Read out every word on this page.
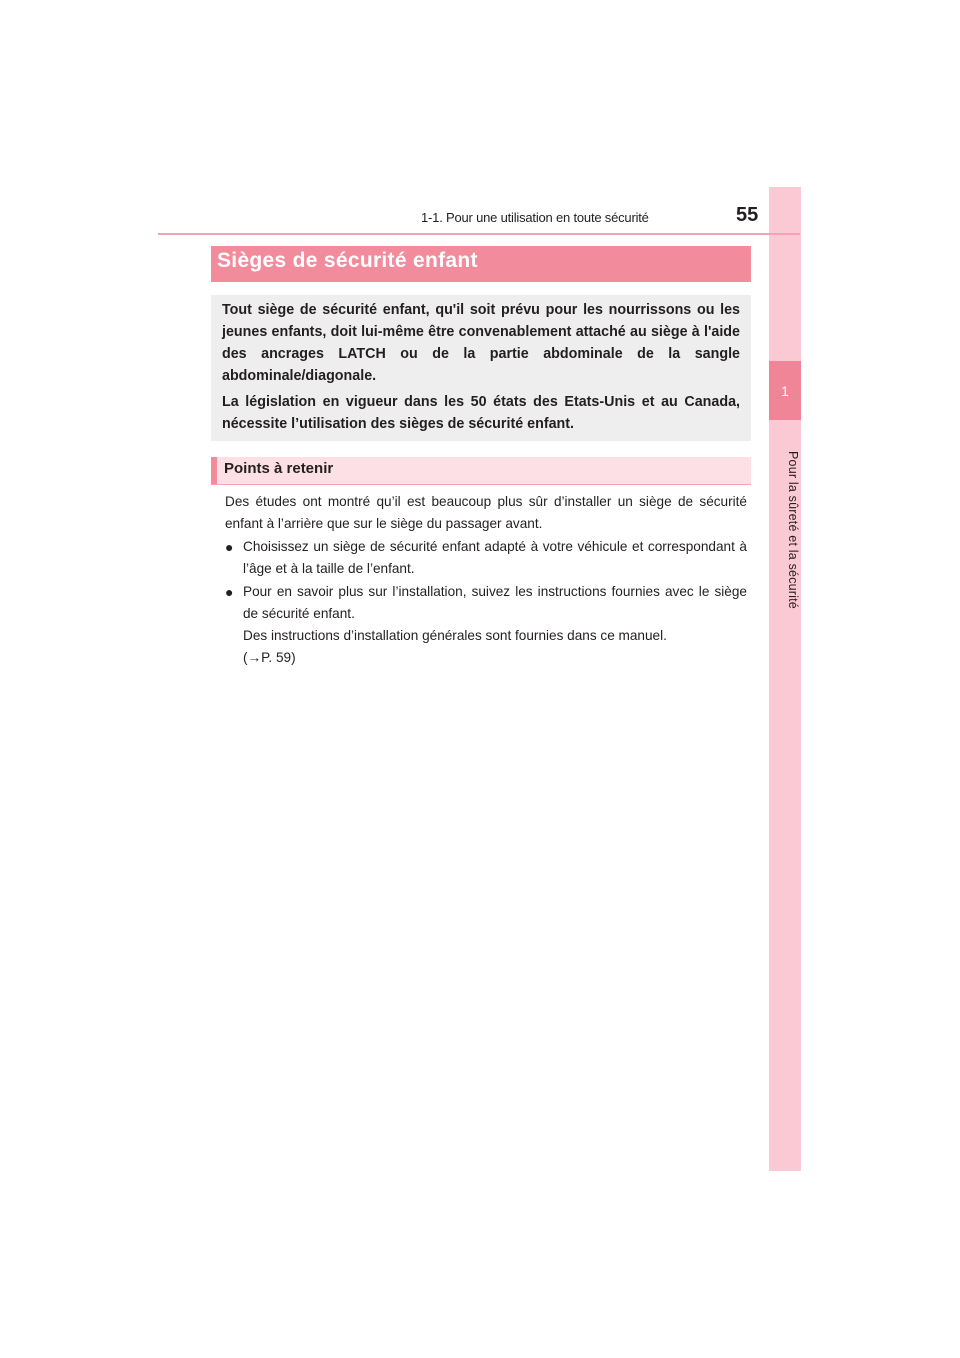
1
Pour la sûreté et la sécurité
1-1. Pour une utilisation en toute sécurité	55
Sièges de sécurité enfant

Tout siège de sécurité enfant, qu'il soit prévu pour les nourrissons ou les jeunes enfants, doit lui-même être convenablement attaché au siège à l'aide des ancrages LATCH ou de la partie abdominale de la sangle abdominale/diagonale.

La législation en vigueur dans les 50 états des Etats-Unis et au Canada, nécessite l’utilisation des sièges de sécurité enfant.

Points à retenir

Des études ont montré qu’il est beaucoup plus sûr d’installer un siège de sécurité enfant à l’arrière que sur le siège du passager avant.

● Choisissez un siège de sécurité enfant adapté à votre véhicule et correspondant à l’âge et à la taille de l’enfant.

● Pour en savoir plus sur l’installation, suivez les instructions fournies avec le siège de sécurité enfant.

Des instructions d’installation générales sont fournies dans ce manuel.

(→P. 59)
